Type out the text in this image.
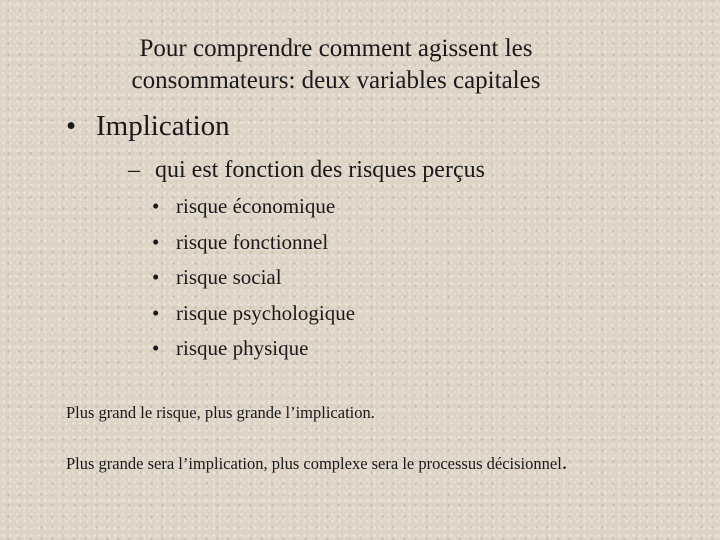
Pour comprendre comment agissent les
consommateurs: deux variables capitales
• Implication
– qui est fonction des risques perçus
• risque économique
• risque fonctionnel
• risque social
• risque psychologique
• risque physique
Plus grand le risque, plus grande l’implication.
Plus grande sera l’implication, plus complexe sera le processus décisionnel.
